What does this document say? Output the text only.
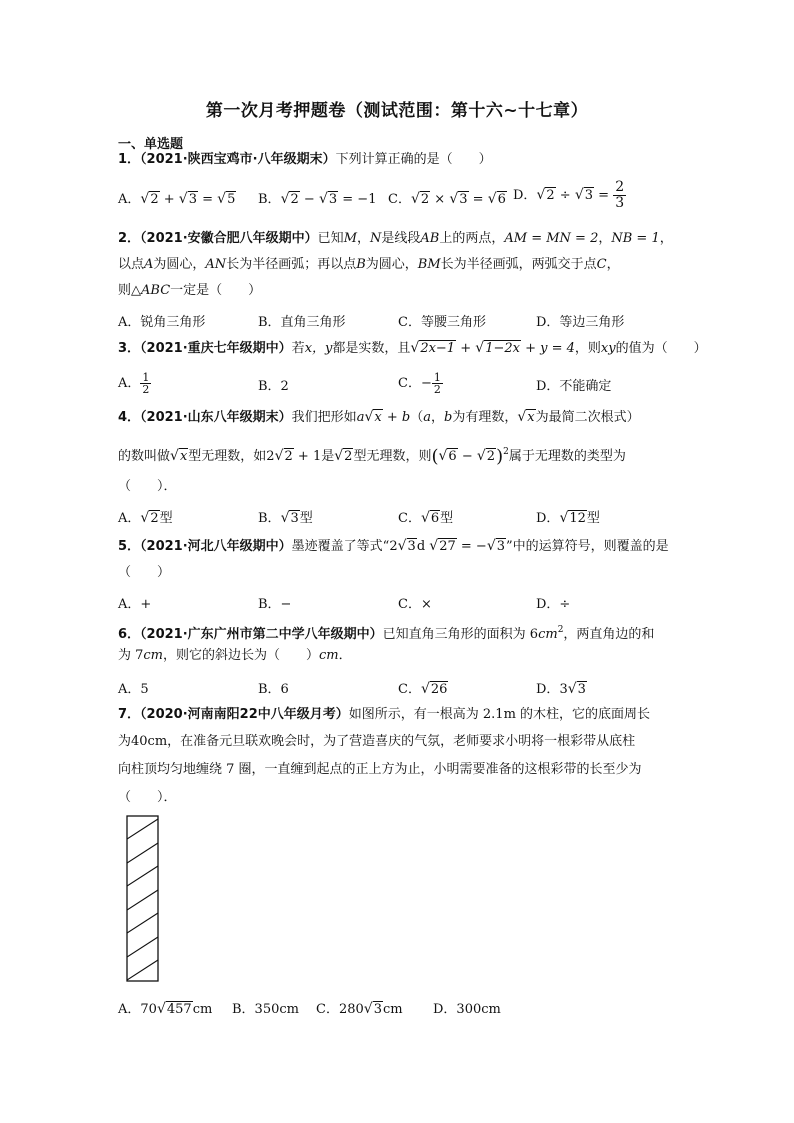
第一次月考押题卷（测试范围：第十六~十七章）
一、单选题
1．（2021·陕西宝鸡市·八年级期末）下列计算正确的是（　　）
A．√2 + √3 = √5 B．√2 − √3 = −1 C．√2 × √3 = √6 D．$√2 \div √3 = \frac{2}{3}$
2．（2021·安徽合肥八年级期中）已知M，N是线段AB上的两点，AM = MN = 2，NB = 1，
以点A为圆心，AN长为半径画弧；再以点B为圆心，BM长为半径画弧，两弧交于点C，
则△ABC一定是（　　）
A．锐角三角形	B．直角三角形	C．等腰三角形	D．等边三角形
3．（2021·重庆七年级期中）若x，y都是实数，且√2x−1 + √1−2x + y = 4，则xy的值为（　　）
A． $\frac{1}{2}$	B．2	C．− $\frac{1}{2}$	D．不能确定
4．（2021·山东八年级期末）我们把形如a√x + b（a，b为有理数，√x为最简二次根式）
的数叫做√x型无理数，如2√2 + 1是√2型无理数，则$(√6 - √2)^2$属于无理数的类型为
（　　）．
A．√2型	B．√3型	C．√6型	D．√12型
5．（2021·河北八年级期中）墨迹覆盖了等式“2√3d √27 = −√3”中的运算符号，则覆盖的是
（　　）
A．+	B．−	C．×	D．÷
6．（2021·广东广州市第二中学八年级期中）已知直角三角形的面积为 $6cm^2$，两直角边的和
为 7cm，则它的斜边长为（　　）cm．
A．5	B．6	C．√26	D．3√3
7．（2020·河南南阳22中八年级月考）如图所示，有一根高为 2.1m 的木柱，它的底面周长
为40cm，在准备元旦联欢晚会时，为了营造喜庆的气氛，老师要求小明将一根彩带从底柱
向柱顶均匀地缠绕 7 圈，一直缠到起点的正上方为止，小明需要准备的这根彩带的长至少为
（　　）．
A．70√457cm B．350cm C．280√3cm D．300cm
